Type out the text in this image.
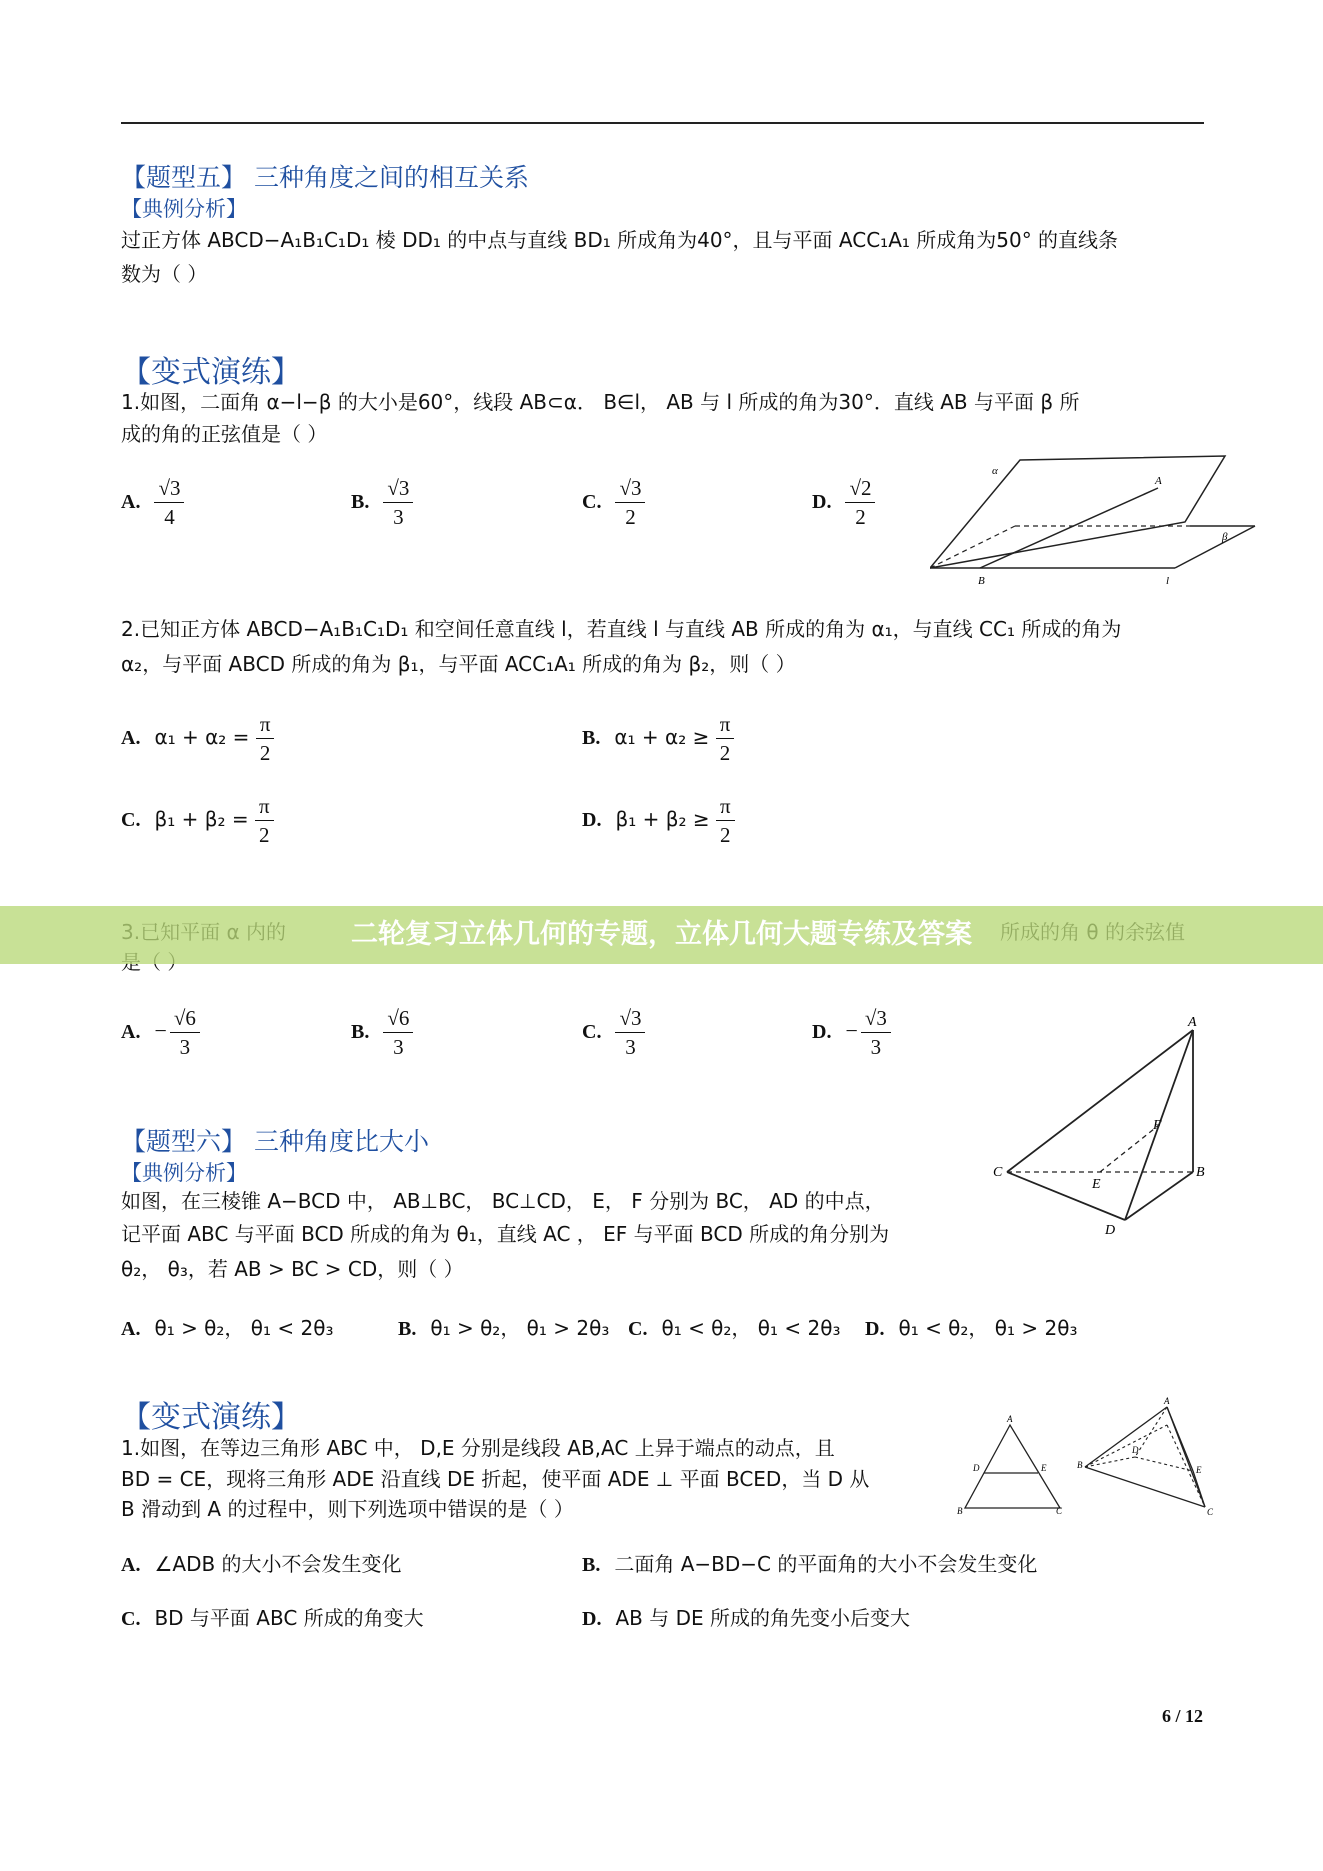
【题型五】 三种角度之间的相互关系
【典例分析】
过正方体 ABCD−A₁B₁C₁D₁ 棱 DD₁ 的中点与直线 BD₁ 所成角为40°，且与平面 ACC₁A₁ 所成角为50° 的直线条
数为（ ）
【变式演练】
1.如图，二面角 α−l−β 的大小是60°，线段 AB⊂α． B∈l， AB 与 l 所成的角为30°．直线 AB 与平面 β 所
成的角的正弦值是（ ）
A. $\frac{√3}{4}$	B. $\frac{√3}{3}$	C. $\frac{√3}{2}$	D. $\frac{√2}{2}$
α
A
B	l
β
2.已知正方体 ABCD−A₁B₁C₁D₁ 和空间任意直线 l，若直线 l 与直线 AB 所成的角为 α₁，与直线 CC₁ 所成的角为
α₂，与平面 ABCD 所成的角为 β₁，与平面 ACC₁A₁ 所成的角为 β₂，则（ ）
A. $\alpha_1 + \alpha_2 = \frac{\pi}{2}$	B. $\alpha_1 + \alpha_2 \ge \frac{\pi}{2}$
C. $\beta_1 + \beta_2 = \frac{\pi}{2}$	D. $\beta_1 + \beta_2 \ge \frac{\pi}{2}$
A. − $\frac{√6}{3}$	B. $\frac{√6}{3}$	C. $\frac{√3}{3}$	D. − $\frac{√3}{3}$
二轮复习立体几何的专题，立体几何大题专练及答案
【题型六】 三种角度比大小
【典例分析】
如图，在三棱锥 A−BCD 中， AB⊥BC， BC⊥CD， E， F 分别为 BC， AD 的中点，
记平面 ABC 与平面 BCD 所成的角为 θ₁，直线 AC ， EF 与平面 BCD 所成的角分别为
θ₂， θ₃，若 AB > BC > CD，则（ ）
A. θ₁ > θ₂， θ₁ < 2θ₃	B. θ₁ > θ₂， θ₁ > 2θ₃ C. θ₁ < θ₂， θ₁ < 2θ₃ D. θ₁ < θ₂， θ₁ > 2θ₃
A
B
C
D
E
F
【变式演练】
1.如图，在等边三角形 ABC 中， D,E 分别是线段 AB,AC 上异于端点的动点，且
BD = CE，现将三角形 ADE 沿直线 DE 折起，使平面 ADE ⊥ 平面 BCED，当 D 从
B 滑动到 A 的过程中，则下列选项中错误的是（ ）
A. ∠ADB 的大小不会发生变化	B. 二面角 A−BD−C 的平面角的大小不会发生变化
C. BD 与平面 ABC 所成的角变大	D. AB 与 DE 所成的角先变小后变大
A
B	C
D	E
A
B
C
D
E
6 / 12
